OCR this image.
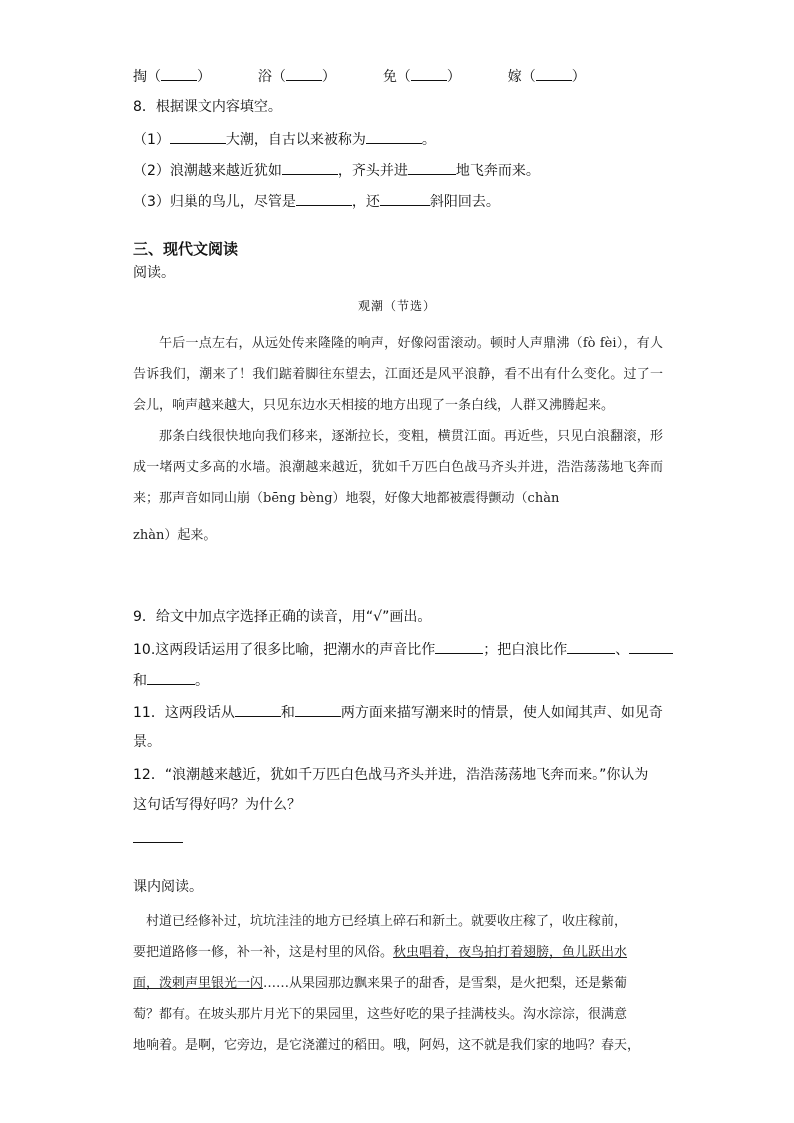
掏（	）	浴（	）	免（	）	嫁（	）
8．根据课文内容填空。
（1）	大潮，自古以来被称为	。
（2）浪潮越来越近犹如	，齐头并进	地飞奔而来。
（3）归巢的鸟儿，尽管是	，还	斜阳回去。
三、现代文阅读
阅读。
观潮（节选）

午后一点左右，从远处传来隆隆的响声，好像闷雷滚动。顿时人声鼎沸（fò fèi），有人告诉我们，潮来了！我们踮着脚往东望去，江面还是风平浪静，看不出有什么变化。过了一会儿，响声越来越大，只见东边水天相接的地方出现了一条白线，人群又沸腾起来。

那条白线很快地向我们移来，逐渐拉长，变粗，横贯江面。再近些，只见白浪翻滚，形成一堵两丈多高的水墙。浪潮越来越近，犹如千万匹白色战马齐头并进，浩浩荡荡地飞奔而来；那声音如同山崩（bēng bèng）地裂，好像大地都被震得颤动（chàn

zhàn）起来。

9．给文中加点字选择正确的读音，用“√”画出。
10.这两段话运用了很多比喻，把潮水的声音比作	；把白浪比作	、
和	。
11．这两段话从	和	两方面来描写潮来时的情景，使人如闻其声、如见奇
景。
12．“浪潮越来越近，犹如千万匹白色战马齐头并进，浩浩荡荡地飞奔而来。”你认为
这句话写得好吗？为什么？
课内阅读。

村道已经修补过，坑坑洼洼的地方已经填上碎石和新土。就要收庄稼了，收庄稼前，

要把道路修一修，补一补，这是村里的风俗。秋虫唱着，夜鸟拍打着翅膀，鱼儿跃出水

面，泼剌声里银光一闪……从果园那边飘来果子的甜香，是雪梨，是火把梨，还是紫葡

萄？都有。在坡头那片月光下的果园里，这些好吃的果子挂满枝头。沟水淙淙，很满意

地响着。是啊，它旁边，是它浇灌过的稻田。哦，阿妈，这不就是我们家的地吗？春天，
